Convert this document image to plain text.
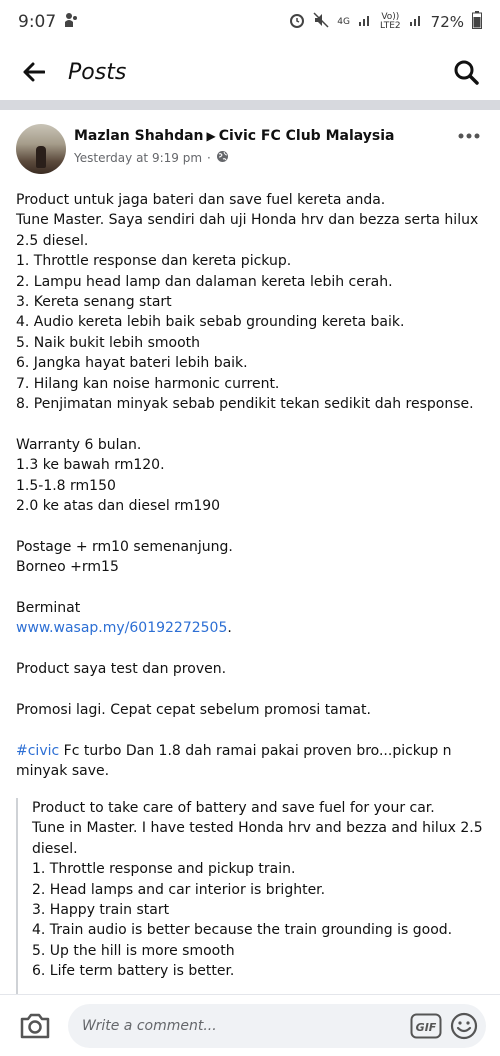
9:07	4G	Vo))
LTE2 72%
Posts
Mazlan Shahdan ▶ Civic FC Club Malaysia
Yesterday at 9:19 pm ·

Product untuk jaga bateri dan save fuel kereta anda.

Tune Master. Saya sendiri dah uji Honda hrv dan bezza serta hilux 2.5 diesel.

1. Throttle response dan kereta pickup.

2. Lampu head lamp dan dalaman kereta lebih cerah.

3. Kereta senang start

4. Audio kereta lebih baik sebab grounding kereta baik.

5. Naik bukit lebih smooth

6. Jangka hayat bateri lebih baik.

7. Hilang kan noise harmonic current.

8. Penjimatan minyak sebab pendikit tekan sedikit dah response.

Warranty 6 bulan.

1.3 ke bawah rm120.

1.5-1.8 rm150

2.0 ke atas dan diesel rm190

Postage + rm10 semenanjung.

Borneo +rm15

Berminat

www.wasap.my/60192272505.

Product saya test dan proven.

Promosi lagi. Cepat cepat sebelum promosi tamat.

#civic Fc turbo Dan 1.8 dah ramai pakai proven bro...pickup n minyak save.

Product to take care of battery and save fuel for your car.

Tune in Master. I have tested Honda hrv and bezza and hilux 2.5 diesel.

1. Throttle response and pickup train.

2. Head lamps and car interior is brighter.

3. Happy train start

4. Train audio is better because the train grounding is good.

5. Up the hill is more smooth

6. Life term battery is better.

Write a comment...	GIF
